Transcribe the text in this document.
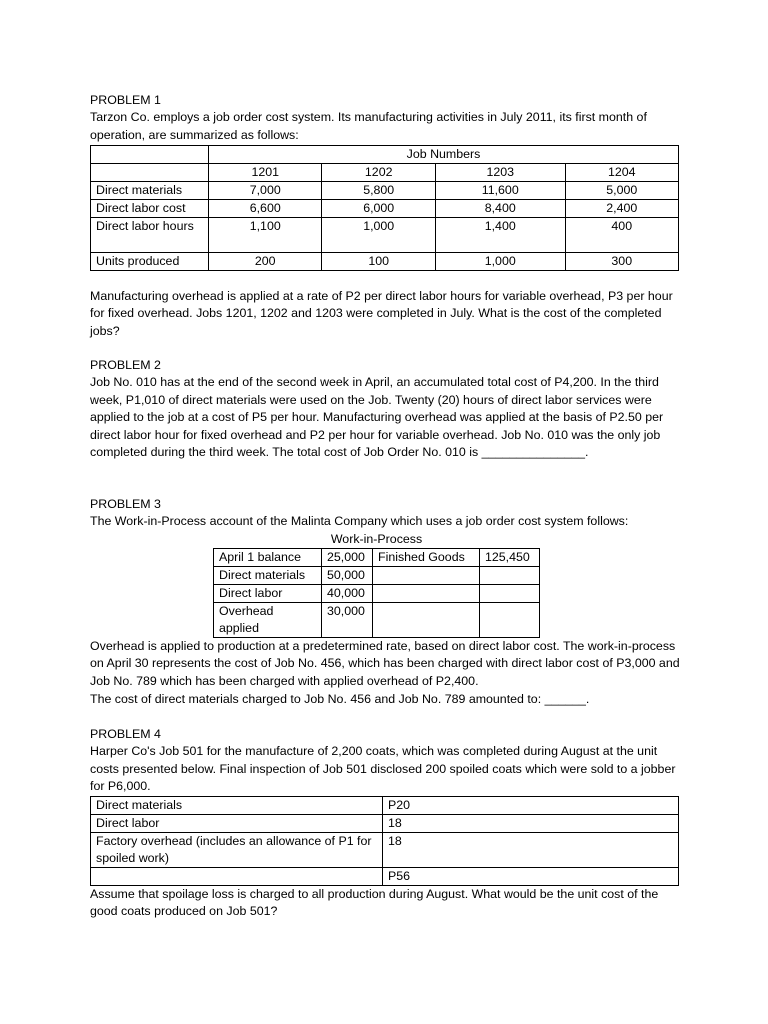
PROBLEM 1

Tarzon Co. employs a job order cost system. Its manufacturing activities in July 2011, its first month of operation, are summarized as follows:

	Job Numbers			
	1201	1202	1203	1204
Direct materials	7,000	5,800	11,600	5,000
Direct labor cost	6,600	6,000	8,400	2,400
Direct labor hours	1,100	1,000	1,400	400
Units produced	200	100	1,000	300

Manufacturing overhead is applied at a rate of P2 per direct labor hours for variable overhead, P3 per hour for fixed overhead. Jobs 1201, 1202 and 1203 were completed in July. What is the cost of the completed jobs?

PROBLEM 2

Job No. 010 has at the end of the second week in April, an accumulated total cost of P4,200. In the third week, P1,010 of direct materials were used on the Job. Twenty (20) hours of direct labor services were applied to the job at a cost of P5 per hour. Manufacturing overhead was applied at the basis of P2.50 per direct labor hour for fixed overhead and P2 per hour for variable overhead. Job No. 010 was the only job completed during the third week. The total cost of Job Order No. 010 is _______________.

PROBLEM 3

The Work-in-Process account of the Malinta Company which uses a job order cost system follows:

Work-in-Process			
April 1 balance	25,000	Finished Goods	125,450
Direct materials	50,000		
Direct labor	40,000		
Overhead applied	30,000		

Overhead is applied to production at a predetermined rate, based on direct labor cost. The work-in-process on April 30 represents the cost of Job No. 456, which has been charged with direct labor cost of P3,000 and Job No. 789 which has been charged with applied overhead of P2,400.

The cost of direct materials charged to Job No. 456 and Job No. 789 amounted to: ______.

PROBLEM 4

Harper Co's Job 501 for the manufacture of 2,200 coats, which was completed during August at the unit costs presented below. Final inspection of Job 501 disclosed 200 spoiled coats which were sold to a jobber for P6,000.

Direct materials	P20
Direct labor	18
Factory overhead (includes an allowance of P1 for spoiled work)	18
	P56

Assume that spoilage loss is charged to all production during August. What would be the unit cost of the good coats produced on Job 501?
